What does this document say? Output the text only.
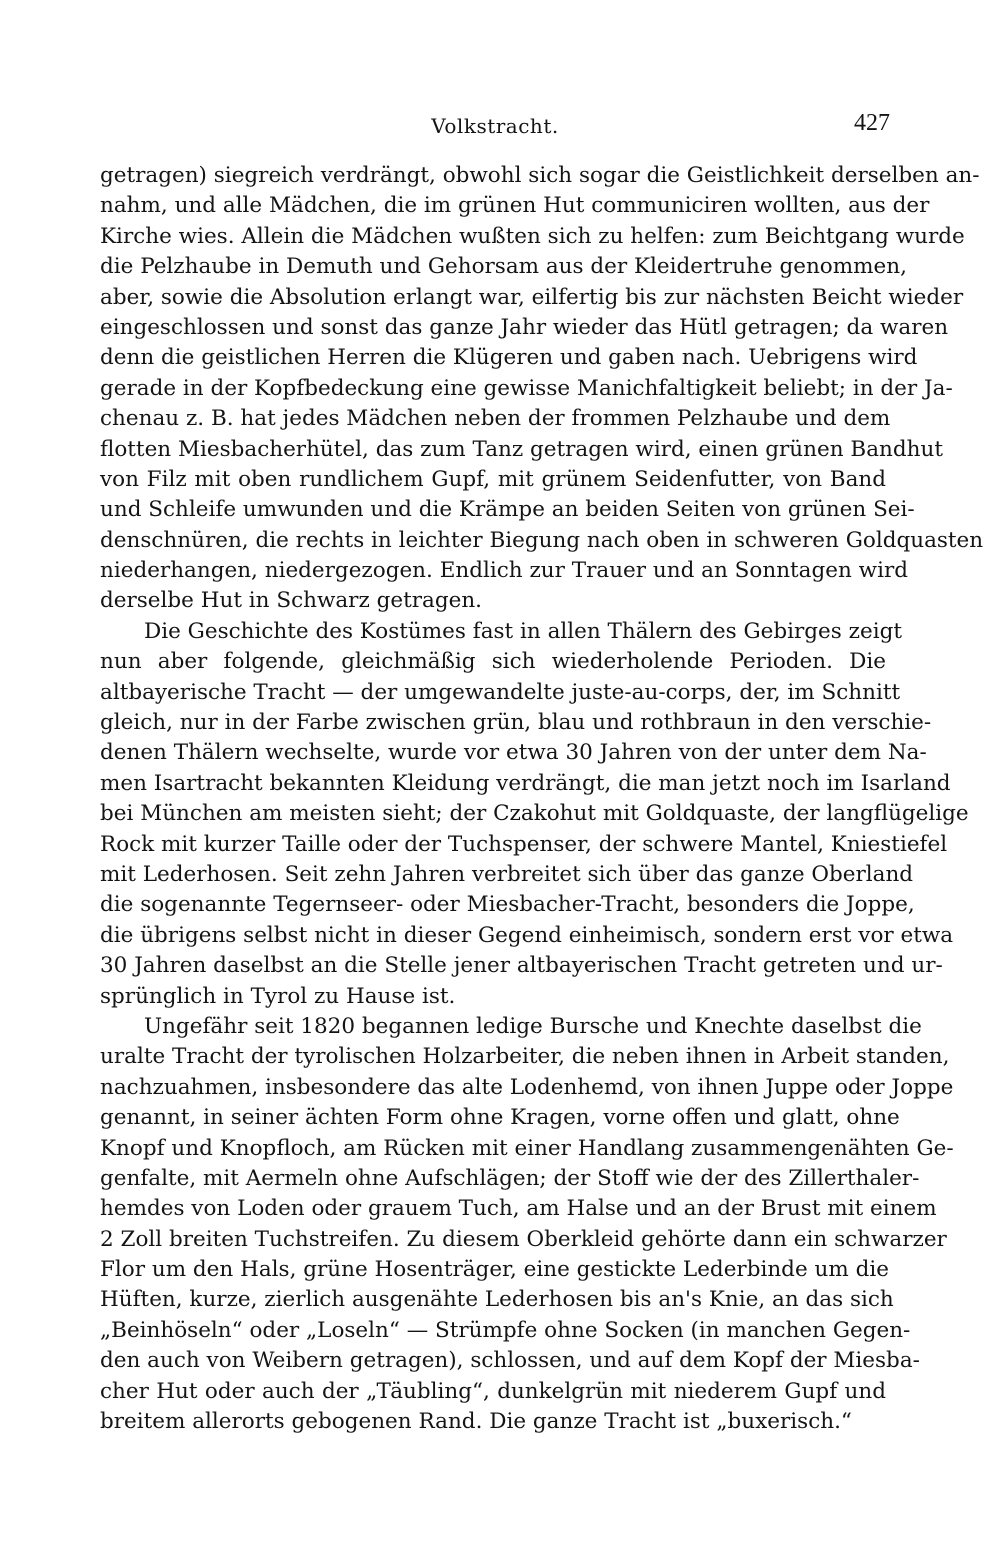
Volkstracht.	427
getragen) siegreich verdrängt, obwohl sich sogar die Geistlichkeit derselben an-
nahm, und alle Mädchen, die im grünen Hut communiciren wollten, aus der
Kirche wies. Allein die Mädchen wußten sich zu helfen: zum Beichtgang wurde
die Pelzhaube in Demuth und Gehorsam aus der Kleidertruhe genommen,
aber, sowie die Absolution erlangt war, eilfertig bis zur nächsten Beicht wieder
eingeschlossen und sonst das ganze Jahr wieder das Hütl getragen; da waren
denn die geistlichen Herren die Klügeren und gaben nach. Uebrigens wird
gerade in der Kopfbedeckung eine gewisse Manichfaltigkeit beliebt; in der Ja-
chenau z. B. hat jedes Mädchen neben der frommen Pelzhaube und dem
flotten Miesbacherhütel, das zum Tanz getragen wird, einen grünen Bandhut
von Filz mit oben rundlichem Gupf, mit grünem Seidenfutter, von Band
und Schleife umwunden und die Krämpe an beiden Seiten von grünen Sei-
denschnüren, die rechts in leichter Biegung nach oben in schweren Goldquasten
niederhangen, niedergezogen. Endlich zur Trauer und an Sonntagen wird
derselbe Hut in Schwarz getragen.
Die Geschichte des Kostümes fast in allen Thälern des Gebirges zeigt
nun aber folgende, gleichmäßig sich wiederholende Perioden. Die
altbayerische Tracht — der umgewandelte juste-au-corps, der, im Schnitt
gleich, nur in der Farbe zwischen grün, blau und rothbraun in den verschie-
denen Thälern wechselte, wurde vor etwa 30 Jahren von der unter dem Na-
men Isartracht bekannten Kleidung verdrängt, die man jetzt noch im Isarland
bei München am meisten sieht; der Czakohut mit Goldquaste, der langflügelige
Rock mit kurzer Taille oder der Tuchspenser, der schwere Mantel, Kniestiefel
mit Lederhosen. Seit zehn Jahren verbreitet sich über das ganze Oberland
die sogenannte Tegernseer- oder Miesbacher-Tracht, besonders die Joppe,
die übrigens selbst nicht in dieser Gegend einheimisch, sondern erst vor etwa
30 Jahren daselbst an die Stelle jener altbayerischen Tracht getreten und ur-
sprünglich in Tyrol zu Hause ist.
Ungefähr seit 1820 begannen ledige Bursche und Knechte daselbst die
uralte Tracht der tyrolischen Holzarbeiter, die neben ihnen in Arbeit standen,
nachzuahmen, insbesondere das alte Lodenhemd, von ihnen Juppe oder Joppe
genannt, in seiner ächten Form ohne Kragen, vorne offen und glatt, ohne
Knopf und Knopfloch, am Rücken mit einer Handlang zusammengenähten Ge-
genfalte, mit Aermeln ohne Aufschlägen; der Stoff wie der des Zillerthaler-
hemdes von Loden oder grauem Tuch, am Halse und an der Brust mit einem
2 Zoll breiten Tuchstreifen. Zu diesem Oberkleid gehörte dann ein schwarzer
Flor um den Hals, grüne Hosenträger, eine gestickte Lederbinde um die
Hüften, kurze, zierlich ausgenähte Lederhosen bis an's Knie, an das sich
„Beinhöseln“ oder „Loseln“ — Strümpfe ohne Socken (in manchen Gegen-
den auch von Weibern getragen), schlossen, und auf dem Kopf der Miesba-
cher Hut oder auch der „Täubling“, dunkelgrün mit niederem Gupf und
breitem allerorts gebogenen Rand. Die ganze Tracht ist „buxerisch.“
